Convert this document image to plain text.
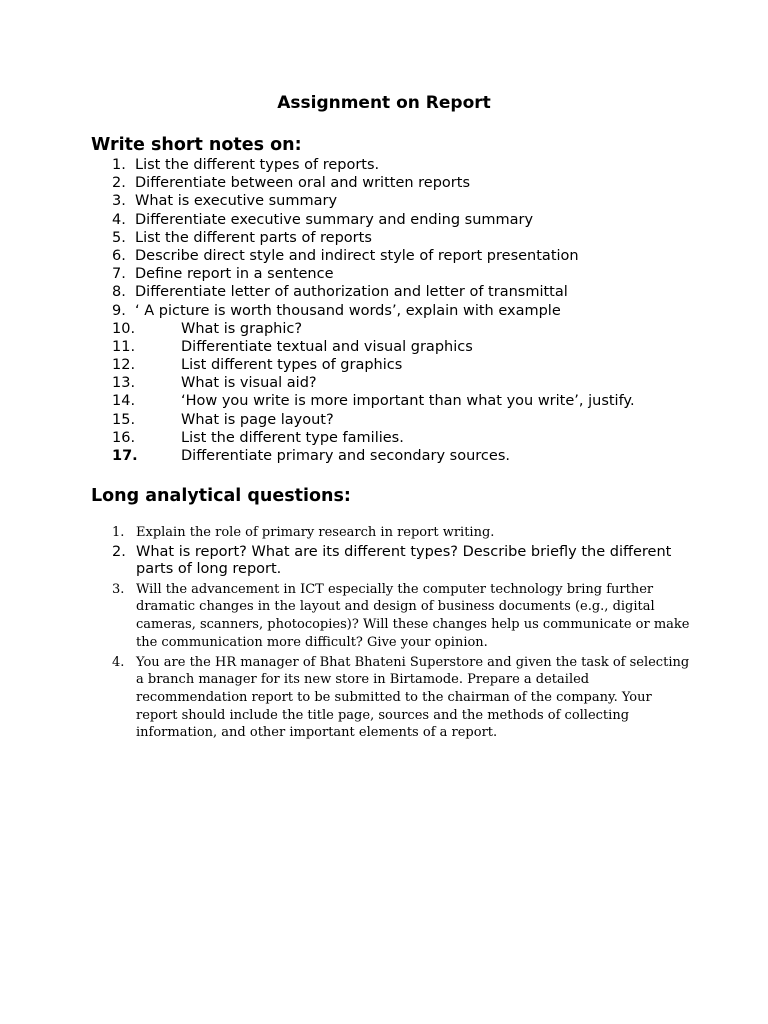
Assignment on Report
Write short notes on:
1. List the different types of reports.
2. Differentiate between oral and written reports
3. What is executive summary
4. Differentiate executive summary and ending summary
5. List the different parts of reports
6. Describe direct style and indirect style of report presentation
7. Define report in a sentence
8. Differentiate letter of authorization and letter of transmittal
9. ‘ A picture is worth thousand words’, explain with example
10.	What is graphic?
11.	Differentiate textual and visual graphics
12.	List different types of graphics
13.	What is visual aid?
14.	‘How you write is more important than what you write’, justify.
15.	What is page layout?
16.	List the different type families.
17.	Differentiate primary and secondary sources.
Long analytical questions:
1. Explain the role of primary research in report writing.
2. What is report? What are its different types? Describe briefly the different parts of long report.
3. Will the advancement in ICT especially the computer technology bring further dramatic changes in the layout and design of business documents (e.g., digital cameras, scanners, photocopies)? Will these changes help us communicate or make the communication more difficult? Give your opinion.
4. You are the HR manager of Bhat Bhateni Superstore and given the task of selecting a branch manager for its new store in Birtamode. Prepare a detailed recommendation report to be submitted to the chairman of the company. Your report should include the title page, sources and the methods of collecting information, and other important elements of a report.
